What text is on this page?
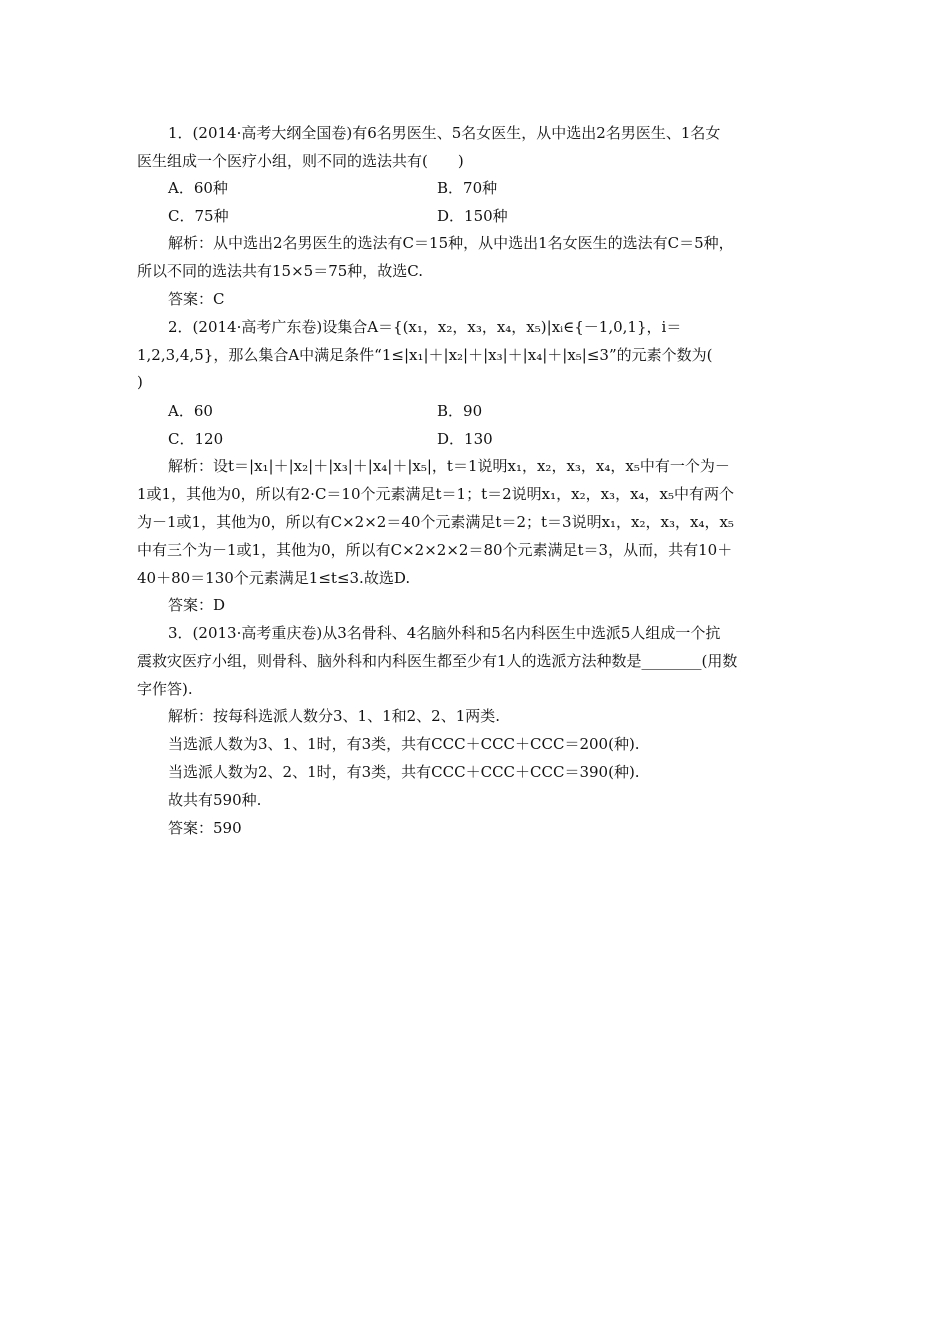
1．(2014·高考大纲全国卷)有6名男医生、5名女医生，从中选出2名男医生、1名女
医生组成一个医疗小组，则不同的选法共有(　　)
A．60种	B．70种
C．75种	D．150种
解析：从中选出2名男医生的选法有C＝15种，从中选出1名女医生的选法有C＝5种，
所以不同的选法共有15×5＝75种，故选C.
答案：C
2．(2014·高考广东卷)设集合A＝{(x₁，x₂，x₃，x₄，x₅)|xᵢ∈{－1,0,1}，i＝
1,2,3,4,5}，那么集合A中满足条件“1≤|x₁|＋|x₂|＋|x₃|＋|x₄|＋|x₅|≤3”的元素个数为(
)
A．60	B．90
C．120	D．130
解析：设t＝|x₁|＋|x₂|＋|x₃|＋|x₄|＋|x₅|，t＝1说明x₁，x₂，x₃，x₄，x₅中有一个为－
1或1，其他为0，所以有2·C＝10个元素满足t＝1；t＝2说明x₁，x₂，x₃，x₄，x₅中有两个
为－1或1，其他为0，所以有C×2×2＝40个元素满足t＝2；t＝3说明x₁，x₂，x₃，x₄，x₅
中有三个为－1或1，其他为0，所以有C×2×2×2＝80个元素满足t＝3，从而，共有10＋
40＋80＝130个元素满足1≤t≤3.故选D.
答案：D
3．(2013·高考重庆卷)从3名骨科、4名脑外科和5名内科医生中选派5人组成一个抗
震救灾医疗小组，则骨科、脑外科和内科医生都至少有1人的选派方法种数是________(用数
字作答).
解析：按每科选派人数分3、1、1和2、2、1两类.
当选派人数为3、1、1时，有3类，共有CCC＋CCC＋CCC＝200(种).
当选派人数为2、2、1时，有3类，共有CCC＋CCC＋CCC＝390(种).
故共有590种.
答案：590
